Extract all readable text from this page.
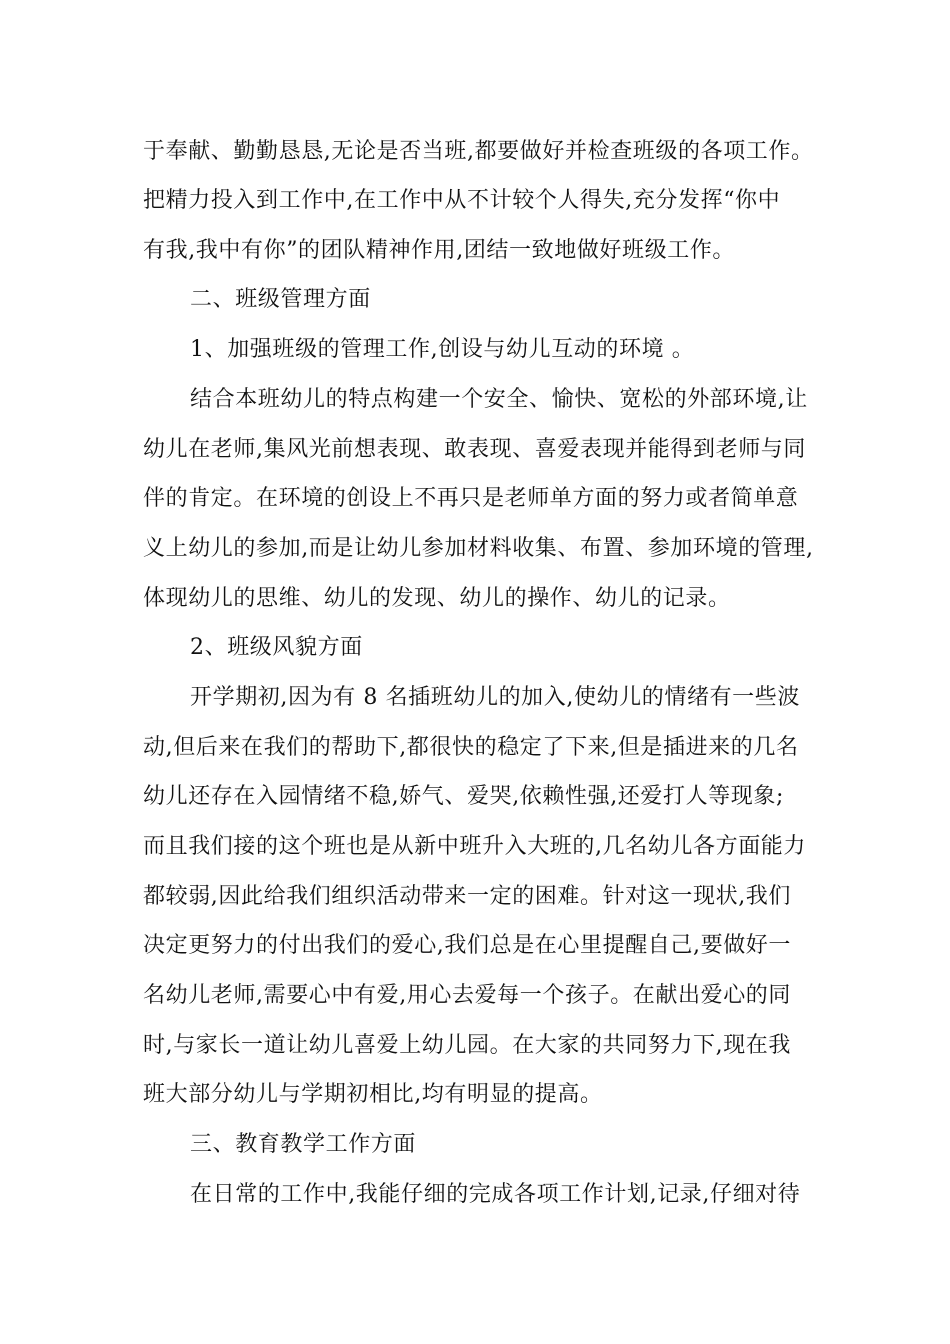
于奉献、勤勤恳恳,无论是否当班,都要做好并检查班级的各项工作。
把精力投入到工作中,在工作中从不计较个人得失,充分发挥“你中
有我,我中有你”的团队精神作用,团结一致地做好班级工作。
二、班级管理方面
1、加强班级的管理工作,创设与幼儿互动的环境 。
结合本班幼儿的特点构建一个安全、愉快、宽松的外部环境,让
幼儿在老师,集风光前想表现、敢表现、喜爱表现并能得到老师与同
伴的肯定。在环境的创设上不再只是老师单方面的努力或者简单意
义上幼儿的参加,而是让幼儿参加材料收集、布置、参加环境的管理,
体现幼儿的思维、幼儿的发现、幼儿的操作、幼儿的记录。
2、班级风貌方面
开学期初,因为有 8 名插班幼儿的加入,使幼儿的情绪有一些波
动,但后来在我们的帮助下,都很快的稳定了下来,但是插进来的几名
幼儿还存在入园情绪不稳,娇气、爱哭,依赖性强,还爱打人等现象;
而且我们接的这个班也是从新中班升入大班的,几名幼儿各方面能力
都较弱,因此给我们组织活动带来一定的困难。针对这一现状,我们
决定更努力的付出我们的爱心,我们总是在心里提醒自己,要做好一
名幼儿老师,需要心中有爱,用心去爱每一个孩子。在献出爱心的同
时,与家长一道让幼儿喜爱上幼儿园。在大家的共同努力下,现在我
班大部分幼儿与学期初相比,均有明显的提高。
三、教育教学工作方面
在日常的工作中,我能仔细的完成各项工作计划,记录,仔细对待
